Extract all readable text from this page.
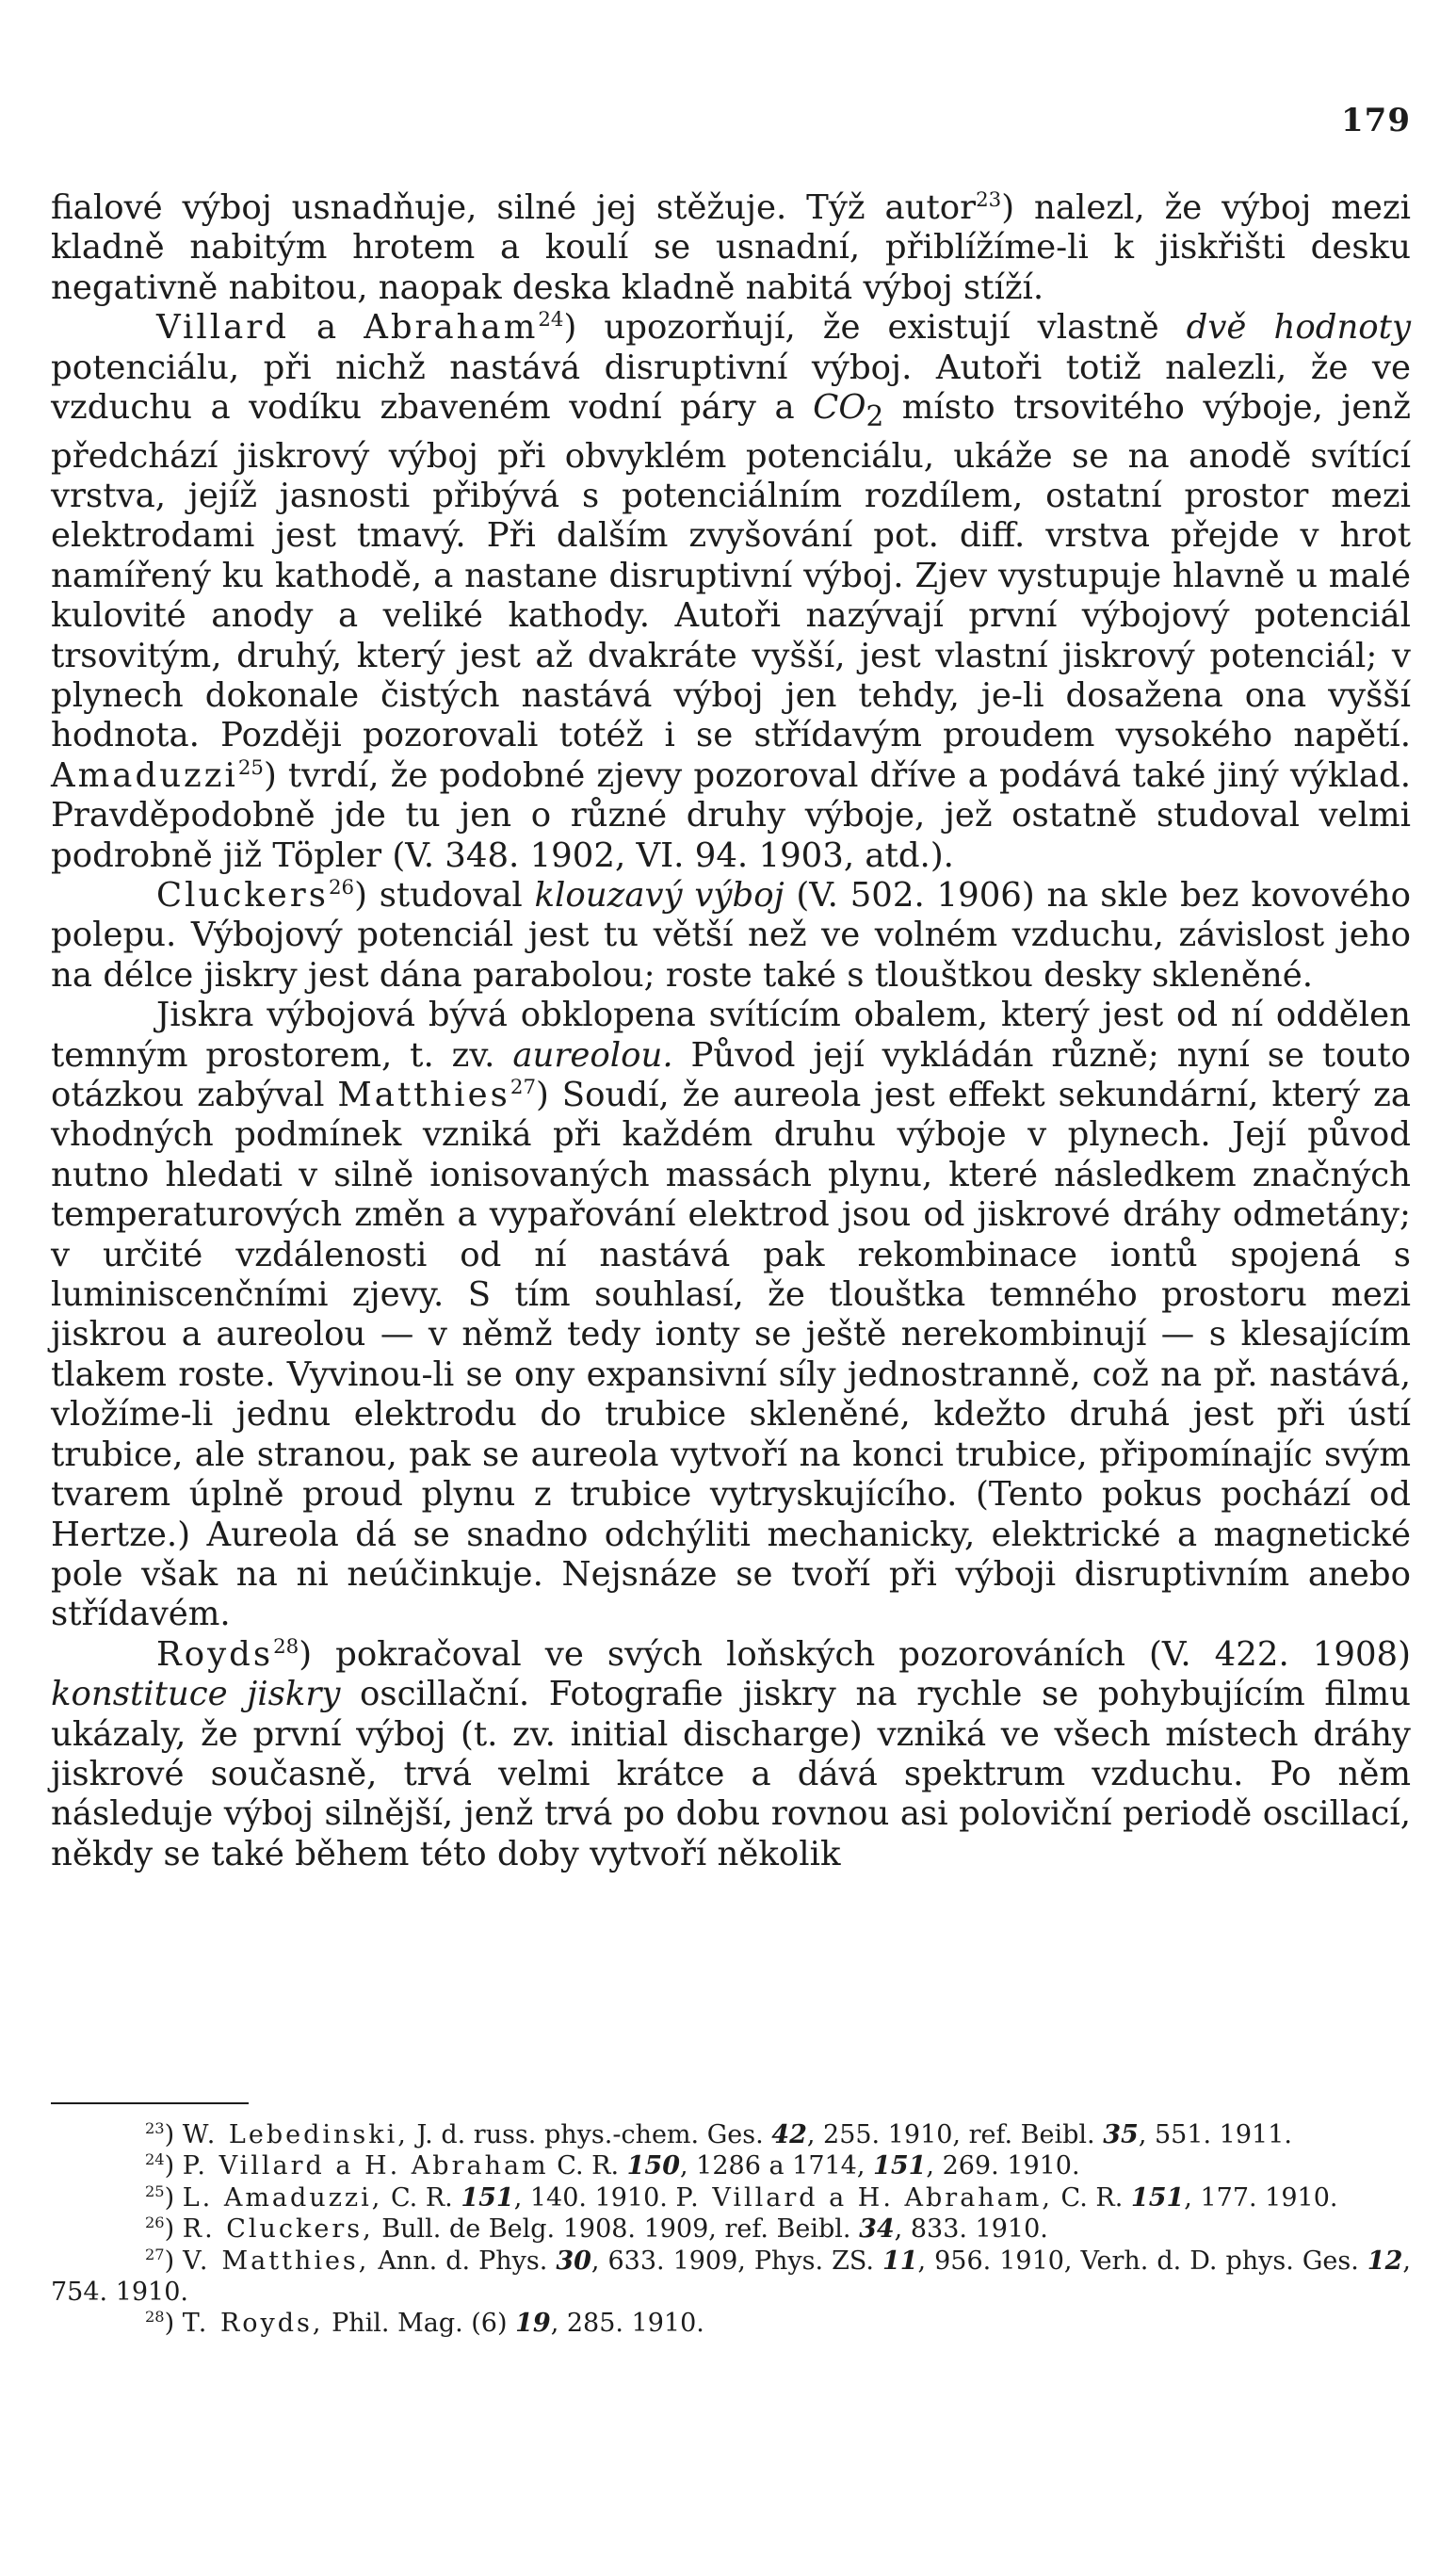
179

fialové výboj usnadňuje, silné jej stěžuje. Týž autor$^{23}$) nalezl, že výboj mezi kladně nabitým hrotem a koulí se usnadní, přiblížíme-li k jiskřišti desku negativně nabitou, naopak deska kladně nabitá výboj stíží.

Villard a Abraham$^{24}$) upozorňují, že existují vlastně dvě hodnoty potenciálu, při nichž nastává disruptivní výboj. Autoři totiž nalezli, že ve vzduchu a vodíku zbaveném vodní páry a $CO_2$ místo trsovitého výboje, jenž předchází jiskrový výboj při obvyklém potenciálu, ukáže se na anodě svítící vrstva, jejíž jasnosti přibývá s potenciálním rozdílem, ostatní prostor mezi elektrodami jest tmavý. Při dalším zvyšování pot. diff. vrstva přejde v hrot namířený ku kathodě, a nastane disruptivní výboj. Zjev vystupuje hlavně u malé kulovité anody a veliké kathody. Autoři nazývají první výbojový potenciál trsovitým, druhý, který jest až dvakráte vyšší, jest vlastní jiskrový potenciál; v plynech dokonale čistých nastává výboj jen tehdy, je-li dosažena ona vyšší hodnota. Později pozorovali totéž i se střídavým proudem vysokého napětí. Amaduzzi$^{25}$) tvrdí, že podobné zjevy pozoroval dříve a podává také jiný výklad. Pravděpodobně jde tu jen o různé druhy výboje, jež ostatně studoval velmi podrobně již Töpler (V. 348. 1902, VI. 94. 1903, atd.).

Cluckers$^{26}$) studoval klouzavý výboj (V. 502. 1906) na skle bez kovového polepu. Výbojový potenciál jest tu větší než ve volném vzduchu, závislost jeho na délce jiskry jest dána parabolou; roste také s tlouštkou desky skleněné.

Jiskra výbojová bývá obklopena svítícím obalem, který jest od ní oddělen temným prostorem, t. zv. aureolou. Původ její vykládán různě; nyní se touto otázkou zabýval Matthies$^{27}$) Soudí, že aureola jest effekt sekundární, který za vhodných podmínek vzniká při každém druhu výboje v plynech. Její původ nutno hledati v silně ionisovaných massách plynu, které následkem značných temperaturových změn a vypařování elektrod jsou od jiskrové dráhy odmetány; v určité vzdálenosti od ní nastává pak rekombinace iontů spojená s luminiscenčními zjevy. S tím souhlasí, že tlouštka temného prostoru mezi jiskrou a aureolou — v němž tedy ionty se ještě nerekombinují — s klesajícím tlakem roste. Vyvinou-li se ony expansivní síly jednostranně, což na př. nastává, vložíme-li jednu elektrodu do trubice skleněné, kdežto druhá jest při ústí trubice, ale stranou, pak se aureola vytvoří na konci trubice, připomínajíc svým tvarem úplně proud plynu z trubice vytryskujícího. (Tento pokus pochází od Hertze.) Aureola dá se snadno odchýliti mechanicky, elektrické a magnetické pole však na ni neúčinkuje. Nejsnáze se tvoří při výboji disruptivním anebo střídavém.

Royds$^{28}$) pokračoval ve svých loňských pozorováních (V. 422. 1908) konstituce jiskry oscillační. Fotografie jiskry na rychle se pohybujícím filmu ukázaly, že první výboj (t. zv. initial discharge) vzniká ve všech místech dráhy jiskrové současně, trvá velmi krátce a dává spektrum vzduchu. Po něm následuje výboj silnější, jenž trvá po dobu rovnou asi poloviční periodě oscillací, někdy se také během této doby vytvoří několik

$^{23}$) W. Lebedinski, J. d. russ. phys.-chem. Ges. 42, 255. 1910, ref. Beibl. 35, 551. 1911.

$^{24}$) P. Villard a H. Abraham C. R. 150, 1286 a 1714, 151, 269. 1910.

$^{25}$) L. Amaduzzi, C. R. 151, 140. 1910. P. Villard a H. Abraham, C. R. 151, 177. 1910.

$^{26}$) R. Cluckers, Bull. de Belg. 1908. 1909, ref. Beibl. 34, 833. 1910.

$^{27}$) V. Matthies, Ann. d. Phys. 30, 633. 1909, Phys. ZS. 11, 956. 1910, Verh. d. D. phys. Ges. 12, 754. 1910.

$^{28}$) T. Royds, Phil. Mag. (6) 19, 285. 1910.
